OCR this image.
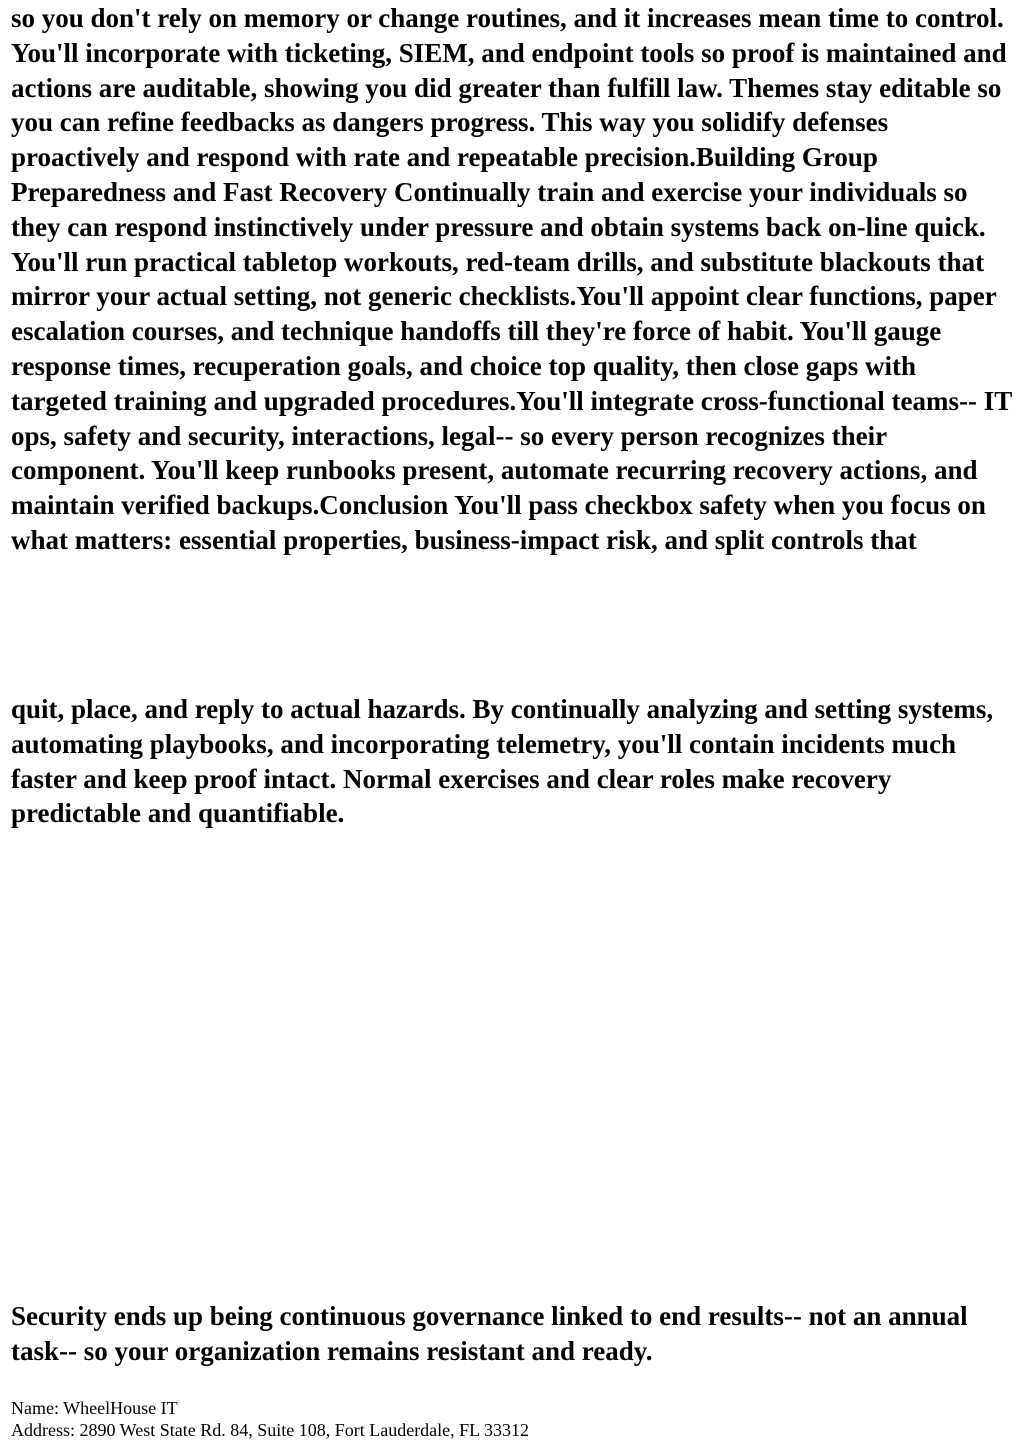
so you don't rely on memory or change routines, and it increases mean time to control. You'll incorporate with ticketing, SIEM, and endpoint tools so proof is maintained and actions are auditable, showing you did greater than fulfill law. Themes stay editable so you can refine feedbacks as dangers progress. This way you solidify defenses proactively and respond with rate and repeatable precision.Building Group Preparedness and Fast Recovery Continually train and exercise your individuals so they can respond instinctively under pressure and obtain systems back on-line quick. You'll run practical tabletop workouts, red-team drills, and substitute blackouts that mirror your actual setting, not generic checklists.You'll appoint clear functions, paper escalation courses, and technique handoffs till they're force of habit. You'll gauge response times, recuperation goals, and choice top quality, then close gaps with targeted training and upgraded procedures.You'll integrate cross-functional teams-- IT ops, safety and security, interactions, legal-- so every person recognizes their component. You'll keep runbooks present, automate recurring recovery actions, and maintain verified backups.Conclusion You'll pass checkbox safety when you focus on what matters: essential properties, business-impact risk, and split controls that

quit, place, and reply to actual hazards. By continually analyzing and setting systems, automating playbooks, and incorporating telemetry, you'll contain incidents much faster and keep proof intact. Normal exercises and clear roles make recovery predictable and quantifiable.

Security ends up being continuous governance linked to end results-- not an annual task-- so your organization remains resistant and ready.

Name: WheelHouse IT
Address: 2890 West State Rd. 84, Suite 108, Fort Lauderdale, FL 33312
